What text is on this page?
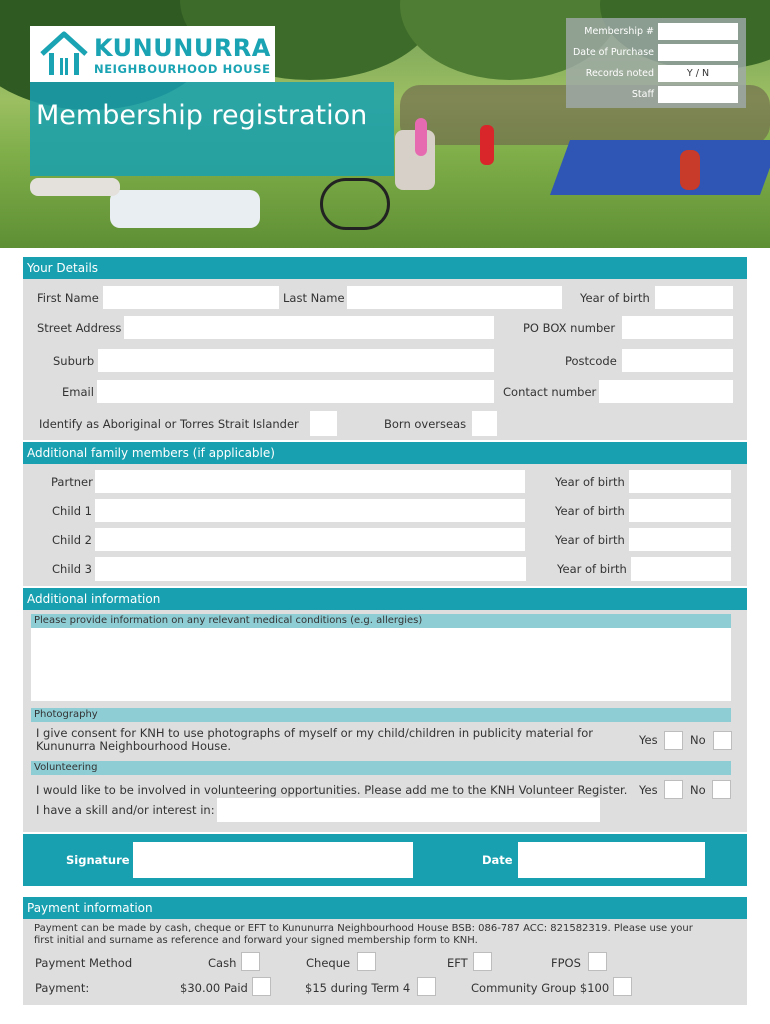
KUNUNURRA
NEIGHBOURHOOD HOUSE
Membership registration
Membership #
Date of Purchase
Records noted	Y / N
Staff
Your Details
First Name	Last Name	Year of birth
Street Address	PO BOX number
Suburb	Postcode
Email	Contact number
Identify as Aboriginal or Torres Strait Islander	Born overseas
Additional family members (if applicable)
Partner	Year of birth
Child 1	Year of birth
Child 2	Year of birth
Child 3	Year of birth
Additional information
Please provide information on any relevant medical conditions (e.g. allergies)
Photography
I give consent for KNH to use photographs of myself or my child/children in publicity material for
Kununurra Neighbourhood House.	Yes	No
Volunteering
I would like to be involved in volunteering opportunities. Please add me to the KNH Volunteer Register. Yes	No
I have a skill and/or interest in:
Signature	Date
Payment information
Payment can be made by cash, cheque or EFT to Kununurra Neighbourhood House BSB: 086-787 ACC: 821582319. Please use your
first initial and surname as reference and forward your signed membership form to KNH.
Payment Method	Cash	Cheque	EFT	FPOS
Payment:	$30.00 Paid	$15 during Term 4	Community Group $100
